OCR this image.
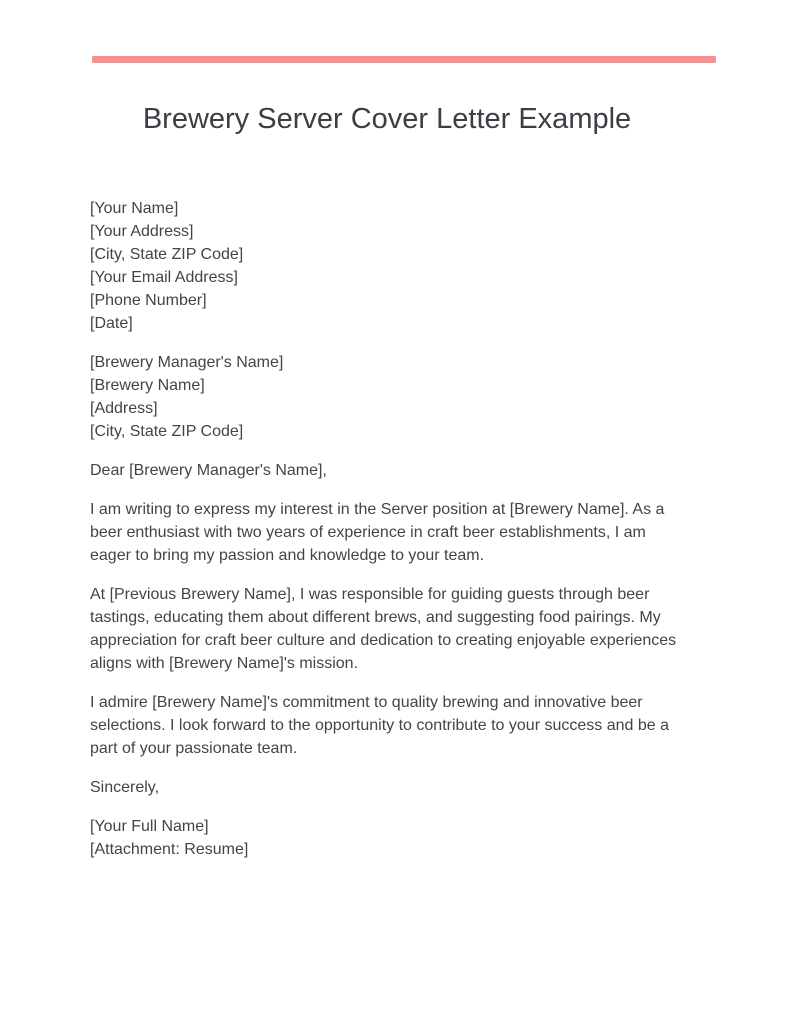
Brewery Server Cover Letter Example
[Your Name]
[Your Address]
[City, State ZIP Code]
[Your Email Address]
[Phone Number]
[Date]
[Brewery Manager's Name]
[Brewery Name]
[Address]
[City, State ZIP Code]

Dear [Brewery Manager's Name],

I am writing to express my interest in the Server position at [Brewery Name]. As a beer enthusiast with two years of experience in craft beer establishments, I am eager to bring my passion and knowledge to your team.

At [Previous Brewery Name], I was responsible for guiding guests through beer tastings, educating them about different brews, and suggesting food pairings. My appreciation for craft beer culture and dedication to creating enjoyable experiences aligns with [Brewery Name]'s mission.

I admire [Brewery Name]'s commitment to quality brewing and innovative beer selections. I look forward to the opportunity to contribute to your success and be a part of your passionate team.

Sincerely,

[Your Full Name]
[Attachment: Resume]
